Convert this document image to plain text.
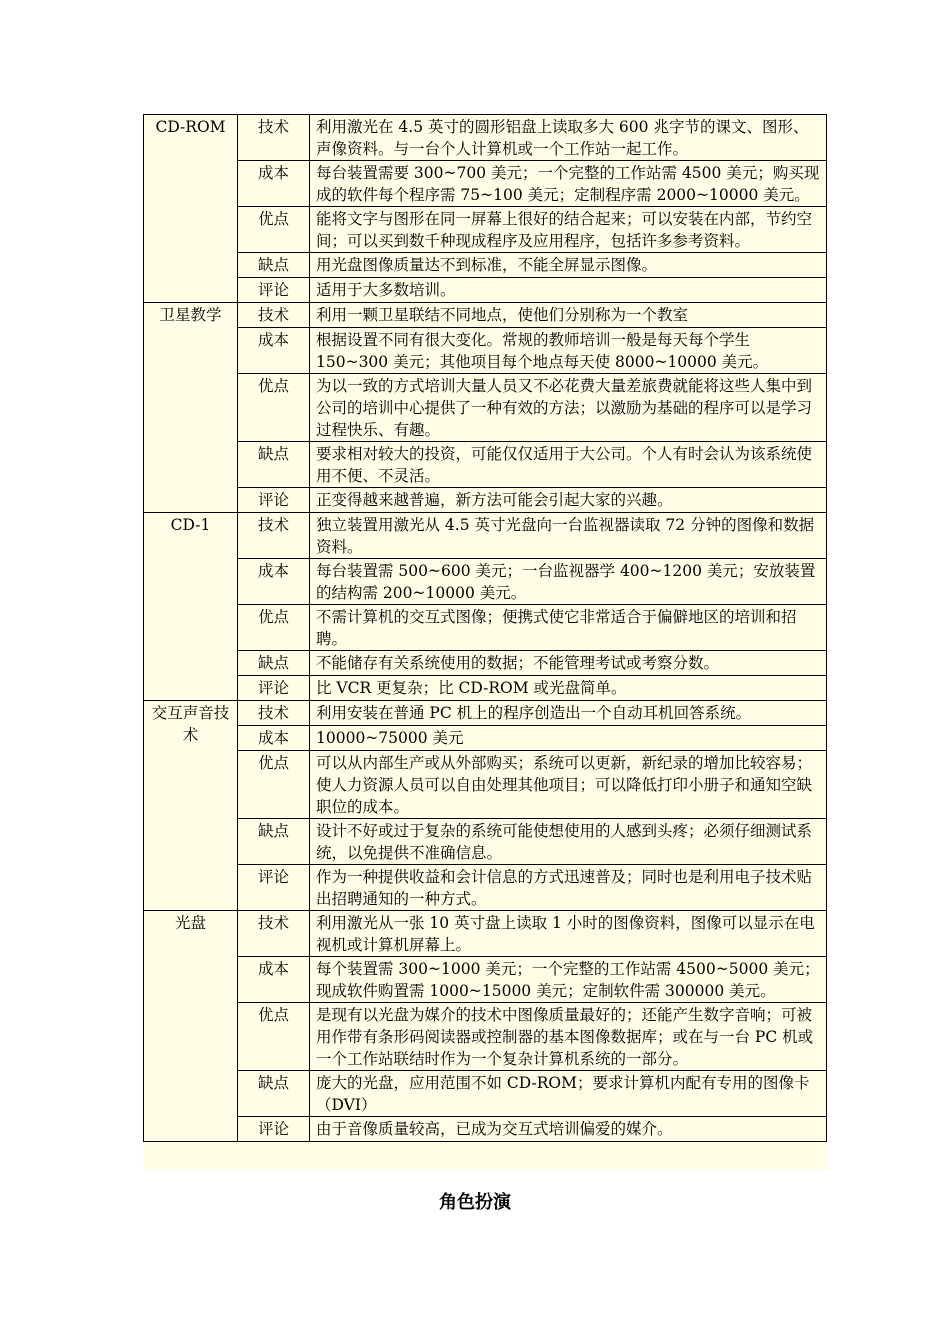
CD-ROM	技术	利用激光在 4.5 英寸的圆形铝盘上读取多大 600 兆字节的课文、图形、声像资料。与一台个人计算机或一个工作站一起工作。
	成本	每台装置需要 300~700 美元；一个完整的工作站需 4500 美元；购买现成的软件每个程序需 75~100 美元；定制程序需 2000~10000 美元。
	优点	能将文字与图形在同一屏幕上很好的结合起来；可以安装在内部，节约空间；可以买到数千种现成程序及应用程序，包括许多参考资料。
	缺点	用光盘图像质量达不到标准，不能全屏显示图像。
	评论	适用于大多数培训。
卫星教学	技术	利用一颗卫星联结不同地点，使他们分别称为一个教室
	成本	根据设置不同有很大变化。常规的教师培训一般是每天每个学生 150~300 美元；其他项目每个地点每天使 8000~10000 美元。
	优点	为以一致的方式培训大量人员又不必花费大量差旅费就能将这些人集中到公司的培训中心提供了一种有效的方法；以激励为基础的程序可以是学习过程快乐、有趣。
	缺点	要求相对较大的投资，可能仅仅适用于大公司。个人有时会认为该系统使用不便、不灵活。
	评论	正变得越来越普遍，新方法可能会引起大家的兴趣。
CD-1	技术	独立装置用激光从 4.5 英寸光盘向一台监视器读取 72 分钟的图像和数据资料。
	成本	每台装置需 500~600 美元；一台监视器学 400~1200 美元；安放装置的结构需 200~10000 美元。
	优点	不需计算机的交互式图像；便携式使它非常适合于偏僻地区的培训和招聘。
	缺点	不能储存有关系统使用的数据；不能管理考试或考察分数。
	评论	比 VCR 更复杂；比 CD-ROM 或光盘简单。
交互声音技术	技术	利用安装在普通 PC 机上的程序创造出一个自动耳机回答系统。
	成本	10000~75000 美元
	优点	可以从内部生产或从外部购买；系统可以更新，新纪录的增加比较容易；使人力资源人员可以自由处理其他项目；可以降低打印小册子和通知空缺职位的成本。
	缺点	设计不好或过于复杂的系统可能使想使用的人感到头疼；必须仔细测试系统，以免提供不准确信息。
	评论	作为一种提供收益和会计信息的方式迅速普及；同时也是利用电子技术贴出招聘通知的一种方式。
光盘	技术	利用激光从一张 10 英寸盘上读取 1 小时的图像资料，图像可以显示在电视机或计算机屏幕上。
	成本	每个装置需 300~1000 美元；一个完整的工作站需 4500~5000 美元；现成软件购置需 1000~15000 美元；定制软件需 300000 美元。
	优点	是现有以光盘为媒介的技术中图像质量最好的；还能产生数字音响；可被用作带有条形码阅读器或控制器的基本图像数据库；或在与一台 PC 机或一个工作站联结时作为一个复杂计算机系统的一部分。
	缺点	庞大的光盘，应用范围不如 CD-ROM；要求计算机内配有专用的图像卡（DVI）
	评论	由于音像质量较高，已成为交互式培训偏爱的媒介。
角色扮演
